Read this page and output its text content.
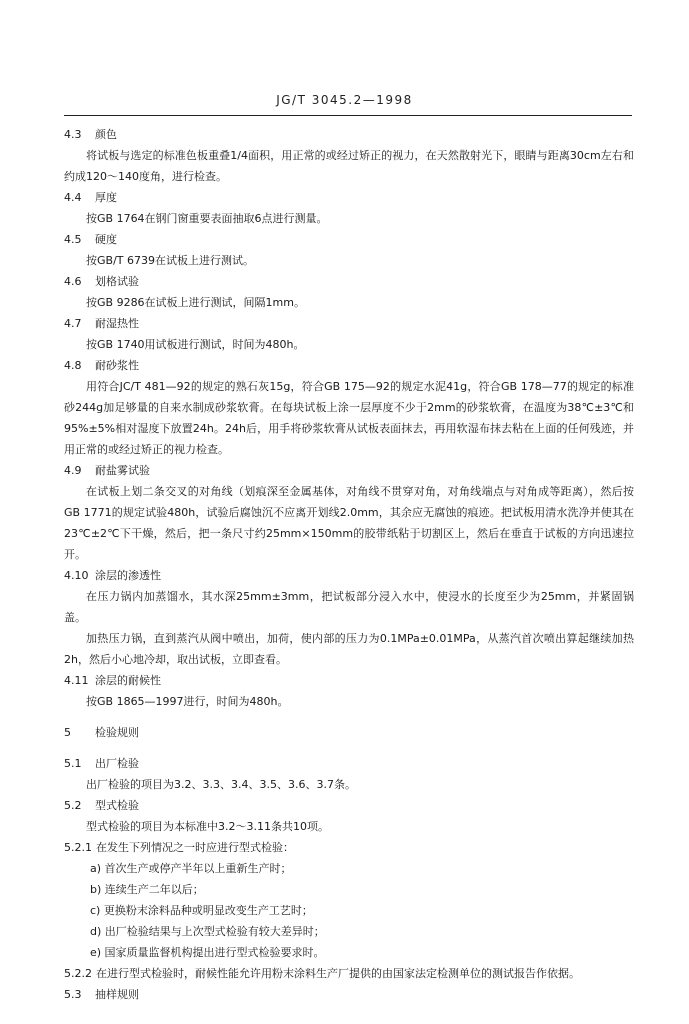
JG/T 3045.2—1998
4.3 颜色
将试板与选定的标准色板重叠1/4面积，用正常的或经过矫正的视力，在天然散射光下，眼睛与距离30cm左右和约成120～140度角，进行检查。
4.4 厚度
按GB 1764在钢门窗重要表面抽取6点进行测量。
4.5 硬度
按GB/T 6739在试板上进行测试。
4.6 划格试验
按GB 9286在试板上进行测试，间隔1mm。
4.7 耐湿热性
按GB 1740用试板进行测试，时间为480h。
4.8 耐砂浆性
用符合JC/T 481—92的规定的熟石灰15g，符合GB 175—92的规定水泥41g，符合GB 178—77的规定的标准砂244g加足够量的自来水制成砂浆软膏。在每块试板上涂一层厚度不少于2mm的砂浆软膏，在温度为38℃±3℃和95%±5%相对湿度下放置24h。24h后，用手将砂浆软膏从试板表面抹去，再用软湿布抹去粘在上面的任何残迹，并用正常的或经过矫正的视力检查。
4.9 耐盐雾试验
在试板上划二条交叉的对角线（划痕深至金属基体，对角线不贯穿对角，对角线端点与对角成等距离），然后按GB 1771的规定试验480h，试验后腐蚀沉不应离开划线2.0mm，其余应无腐蚀的痕迹。把试板用清水洗净并使其在23℃±2℃下干燥，然后，把一条尺寸约25mm×150mm的胶带纸粘于切割区上，然后在垂直于试板的方向迅速拉开。
4.10 涂层的渗透性
在压力锅内加蒸馏水，其水深25mm±3mm，把试板部分浸入水中，使浸水的长度至少为25mm，并紧固锅盖。
加热压力锅，直到蒸汽从阀中喷出，加荷，使内部的压力为0.1MPa±0.01MPa，从蒸汽首次喷出算起继续加热2h，然后小心地冷却，取出试板，立即查看。
4.11 涂层的耐候性
按GB 1865—1997进行，时间为480h。
5 检验规则
5.1 出厂检验
出厂检验的项目为3.2、3.3、3.4、3.5、3.6、3.7条。
5.2 型式检验
型式检验的项目为本标准中3.2～3.11条共10项。
5.2.1 在发生下列情况之一时应进行型式检验：
a) 首次生产或停产半年以上重新生产时；
b) 连续生产二年以后；
c) 更换粉末涂料品种或明显改变生产工艺时；
d) 出厂检验结果与上次型式检验有较大差异时；
e) 国家质量监督机构提出进行型式检验要求时。
5.2.2 在进行型式检验时，耐候性能允许用粉末涂料生产厂提供的由国家法定检测单位的测试报告作依据。
5.3 抽样规则
